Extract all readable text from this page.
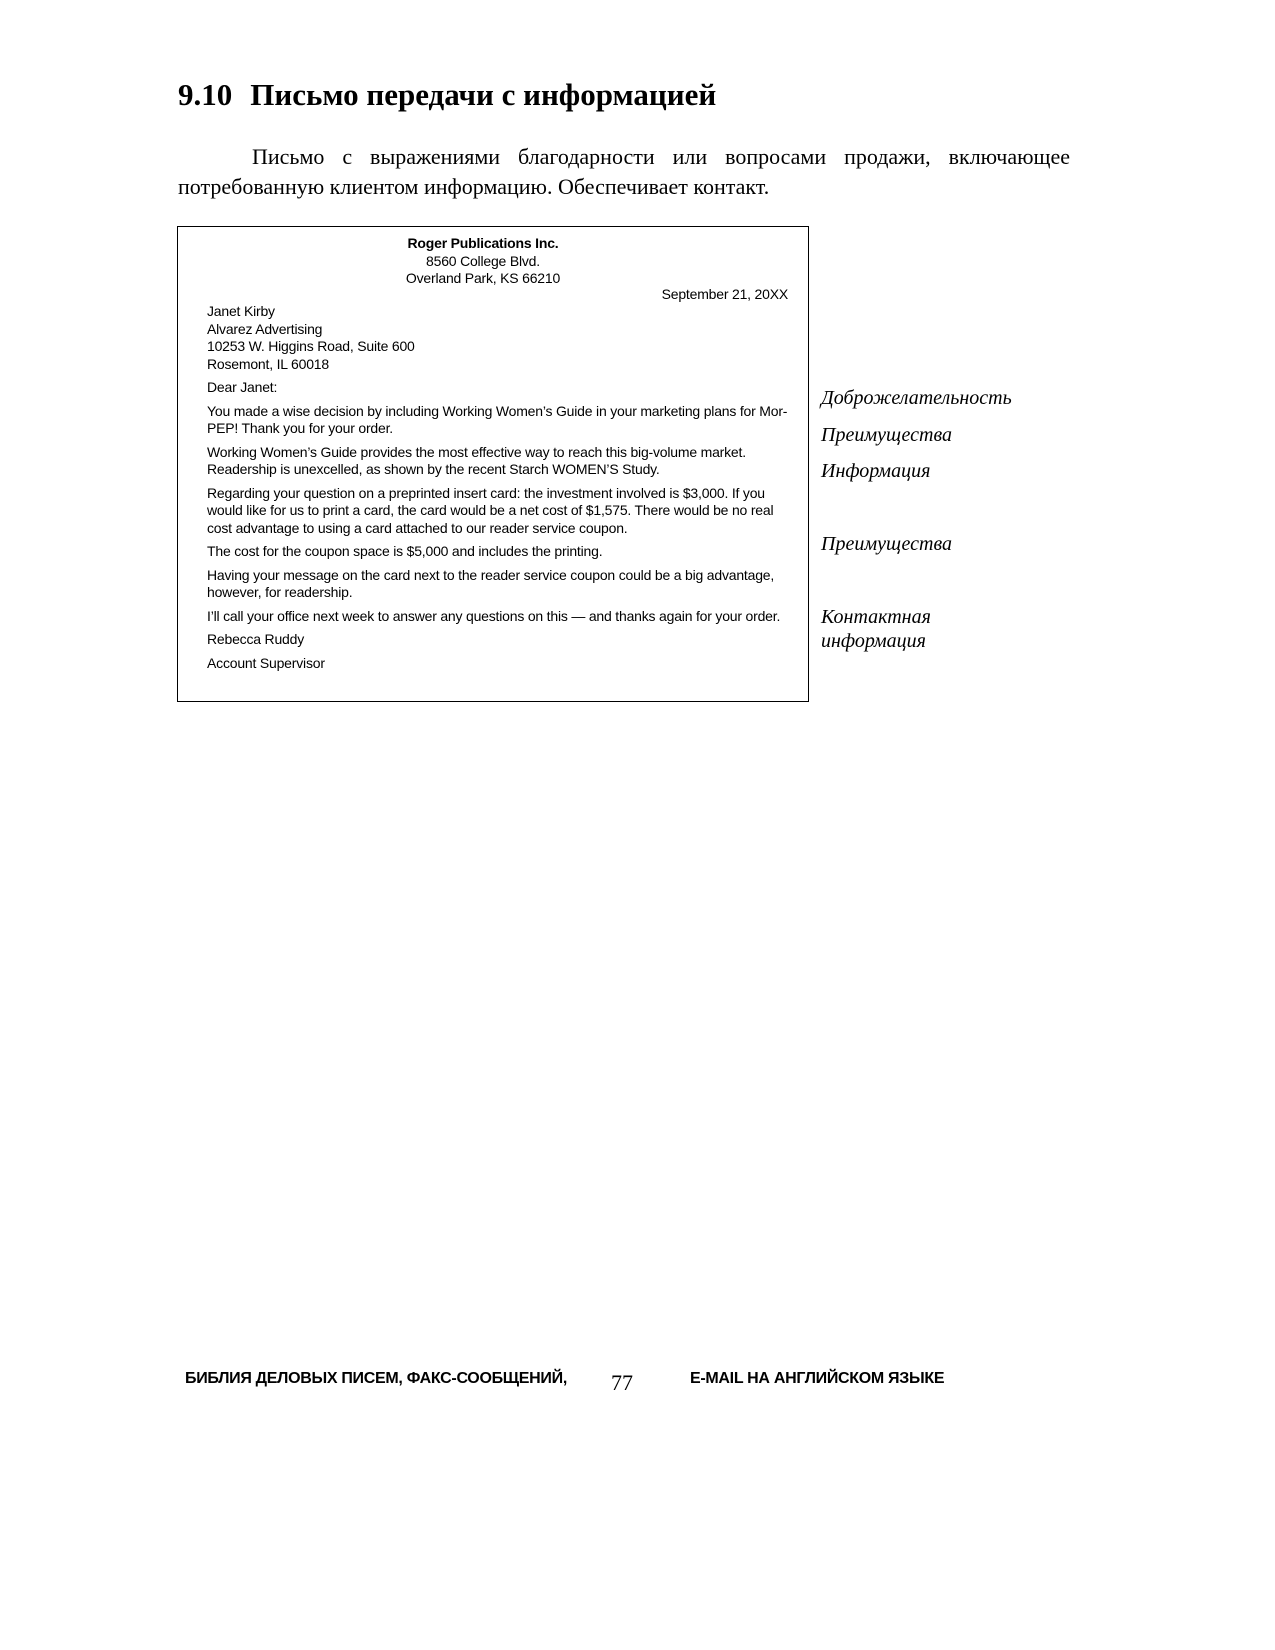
9.10 Письмо передачи с информацией

Письмо с выражениями благодарности или вопросами продажи, включающее потребованную клиентом информацию. Обеспечивает контакт.

Roger Publications Inc.
8560 College Blvd.
Overland Park, KS 66210
September 21, 20XX
Janet Kirby
Alvarez Advertising
10253 W. Higgins Road, Suite 600
Rosemont, IL 60018
Dear Janet:
You made a wise decision by including Working Women’s Guide in your marketing plans for Mor-PEP! Thank you for your order.
Working Women’s Guide provides the most effective way to reach this big-volume market. Readership is unexcelled, as shown by the recent Starch WOMEN’S Study.
Regarding your question on a preprinted insert card: the investment involved is $3,000. If you would like for us to print a card, the card would be a net cost of $1,575. There would be no real cost advantage to using a card attached to our reader service coupon.
The cost for the coupon space is $5,000 and includes the printing.
Having your message on the card next to the reader service coupon could be a big advantage, however, for readership.
I’ll call your office next week to answer any questions on this — and thanks again for your order.
Rebecca Ruddy
Account Supervisor
Доброжелательность
Преимущества
Информация
Преимущества
Контактная
информация
БИБЛИЯ ДЕЛОВЫХ ПИСЕМ, ФАКС-СООБЩЕНИЙ, 77	E-MAIL НА АНГЛИЙСКОМ ЯЗЫКЕ
